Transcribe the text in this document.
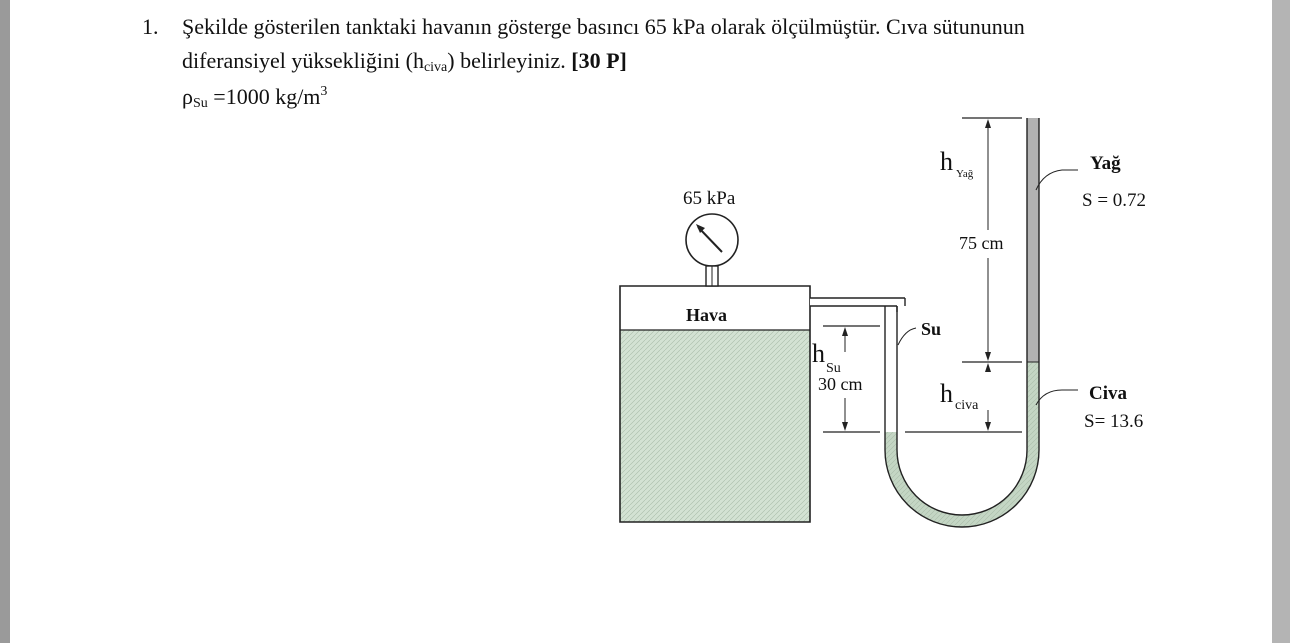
1. Şekilde gösterilen tanktaki havanın gösterge basıncı 65 kPa olarak ölçülmüştür. Cıva sütununun
diferansiyel yüksekliğini (hciva) belirleyiniz. [30 P]
ρSu =1000 $kg/m^3$
65 kPa
Hava
h
Su
30 cm
Su
h Yağ
75 cm
h civa
Yağ
S = 0.72
Civa
S= 13.6
